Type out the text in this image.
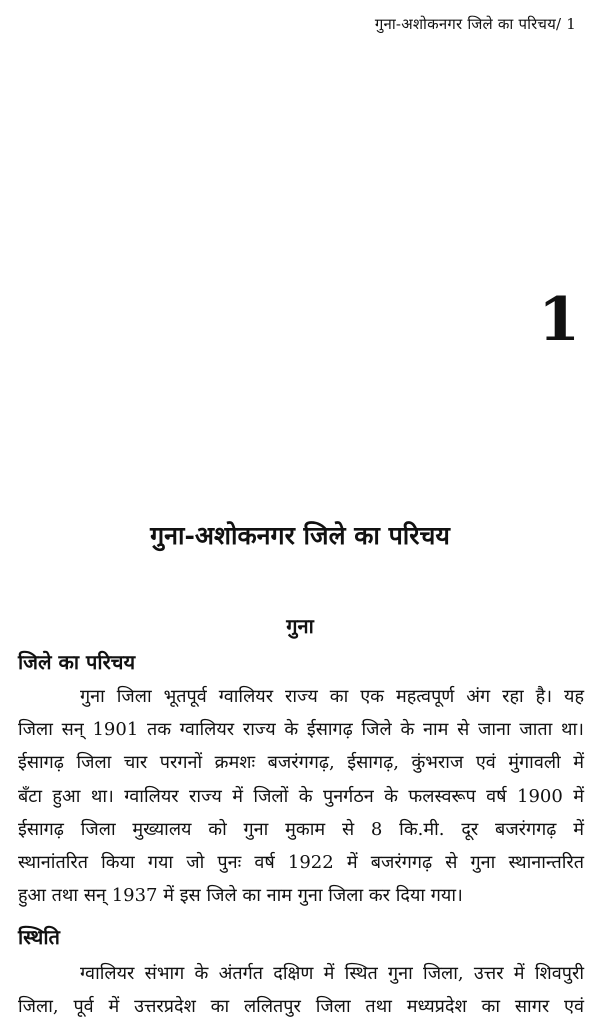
गुना-अशोकनगर जिले का परिचय/ 1
1
गुना-अशोकनगर जिले का परिचय
गुना
जिले का परिचय
गुना जिला भूतपूर्व ग्वालियर राज्य का एक महत्वपूर्ण अंग रहा है। यह
जिला सन् 1901 तक ग्वालियर राज्य के ईसागढ़ जिले के नाम से जाना जाता था।
ईसागढ़ जिला चार परगनों क्रमशः बजरंगगढ़, ईसागढ़, कुंभराज एवं मुंगावली में
बँटा हुआ था। ग्वालियर राज्य में जिलों के पुनर्गठन के फलस्वरूप वर्ष 1900 में
ईसागढ़ जिला मुख्यालय को गुना मुकाम से 8 कि.मी. दूर बजरंगगढ़ में
स्थानांतरित किया गया जो पुनः वर्ष 1922 में बजरंगगढ़ से गुना स्थानान्तरित
हुआ तथा सन् 1937 में इस जिले का नाम गुना जिला कर दिया गया।
स्थिति
ग्वालियर संभाग के अंतर्गत दक्षिण में स्थित गुना जिला, उत्तर में शिवपुरी
जिला, पूर्व में उत्तरप्रदेश का ललितपुर जिला तथा मध्यप्रदेश का सागर एवं
